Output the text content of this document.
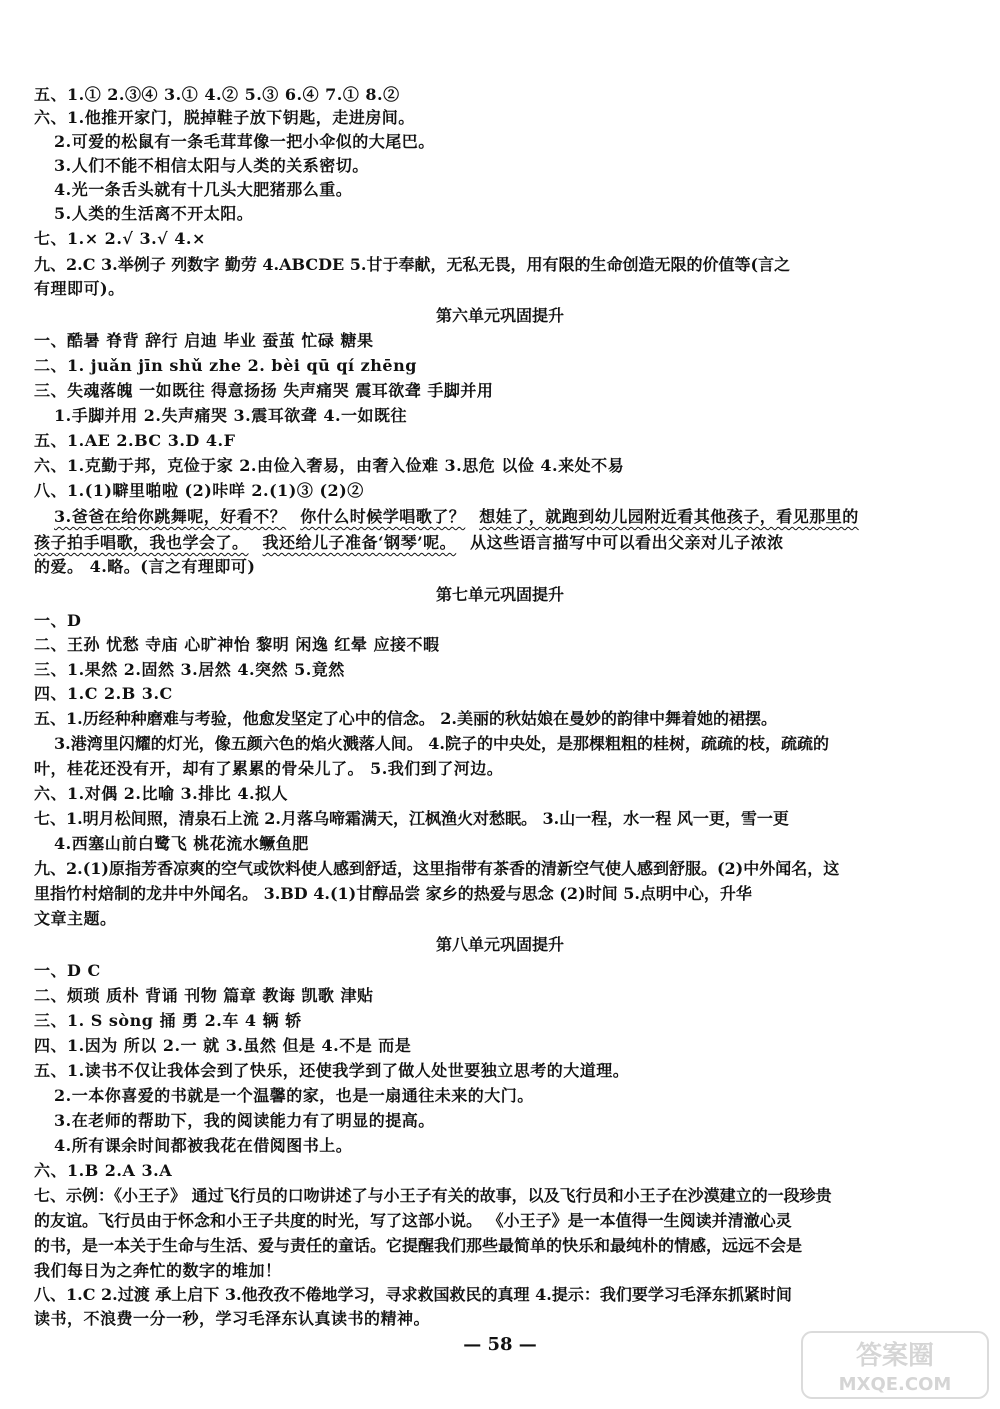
五、1.① 2.③④ 3.① 4.② 5.③ 6.④ 7.① 8.②
六、1.他推开家门，脱掉鞋子放下钥匙，走进房间。
2.可爱的松鼠有一条毛茸茸像一把小伞似的大尾巴。
3.人们不能不相信太阳与人类的关系密切。
4.光一条舌头就有十几头大肥猪那么重。
5.人类的生活离不开太阳。
七、1.× 2.√ 3.√ 4.×
九、2.C 3.举例子 列数字 勤劳 4.ABCDE 5.甘于奉献，无私无畏，用有限的生命创造无限的价值等(言之
有理即可)。
第六单元巩固提升
一、酷暑 脊背 辞行 启迪 毕业 蚕茧 忙碌 糖果
二、1. juǎn jīn shǔ zhe 2. bèi qū qí zhēng
三、失魂落魄 一如既往 得意扬扬 失声痛哭 震耳欲聋 手脚并用
1.手脚并用 2.失声痛哭 3.震耳欲聋 4.一如既往
五、1.AE 2.BC 3.D 4.F
六、1.克勤于邦，克俭于家 2.由俭入奢易，由奢入俭难 3.思危 以俭 4.来处不易
八、1.(1)噼里啪啦 (2)咔咩 2.(1)③ (2)②
3.爸爸在给你跳舞呢，好看不？ 你什么时候学唱歌了？ 想娃了，就跑到幼儿园附近看其他孩子，看见那里的
孩子拍手唱歌，我也学会了。 我还给儿子准备‘钢琴’呢。 从这些语言描写中可以看出父亲对儿子浓浓
的爱。 4.略。(言之有理即可)
第七单元巩固提升
一、D
二、王孙 忧愁 寺庙 心旷神怡 黎明 闲逸 红晕 应接不暇
三、1.果然 2.固然 3.居然 4.突然 5.竟然
四、1.C 2.B 3.C
五、1.历经种种磨难与考验，他愈发坚定了心中的信念。 2.美丽的秋姑娘在曼妙的韵律中舞着她的裙摆。
3.港湾里闪耀的灯光，像五颜六色的焰火溅落人间。 4.院子的中央处，是那棵粗粗的桂树，疏疏的枝，疏疏的
叶，桂花还没有开，却有了累累的骨朵儿了。 5.我们到了河边。
六、1.对偶 2.比喻 3.排比 4.拟人
七、1.明月松间照，清泉石上流 2.月落乌啼霜满天，江枫渔火对愁眠。 3.山一程，水一程 风一更，雪一更
4.西塞山前白鹭飞 桃花流水鳜鱼肥
九、2.(1)原指芳香凉爽的空气或饮料使人感到舒适，这里指带有茶香的清新空气使人感到舒服。(2)中外闻名，这
里指竹村焙制的龙井中外闻名。 3.BD 4.(1)甘醇品尝 家乡的热爱与思念 (2)时间 5.点明中心，升华
文章主题。
第八单元巩固提升
一、D C
二、烦琐 质朴 背诵 刊物 篇章 教诲 凯歌 津贴
三、1. S sòng 捅 勇 2.车 4 辆 轿
四、1.因为 所以 2.一 就 3.虽然 但是 4.不是 而是
五、1.读书不仅让我体会到了快乐，还使我学到了做人处世要独立思考的大道理。
2.一本你喜爱的书就是一个温馨的家，也是一扇通往未来的大门。
3.在老师的帮助下，我的阅读能力有了明显的提高。
4.所有课余时间都被我花在借阅图书上。
六、1.B 2.A 3.A
七、示例：《小王子》 通过飞行员的口吻讲述了与小王子有关的故事，以及飞行员和小王子在沙漠建立的一段珍贵
的友谊。飞行员由于怀念和小王子共度的时光，写了这部小说。 《小王子》是一本值得一生阅读并清澈心灵
的书，是一本关于生命与生活、爱与责任的童话。它提醒我们那些最简单的快乐和最纯朴的情感，远远不会是
我们每日为之奔忙的数字的堆加！
八、1.C 2.过渡 承上启下 3.他孜孜不倦地学习，寻求救国救民的真理 4.提示：我们要学习毛泽东抓紧时间
读书，不浪费一分一秒，学习毛泽东认真读书的精神。
— 58 —	答案圈
MXQE.COM
